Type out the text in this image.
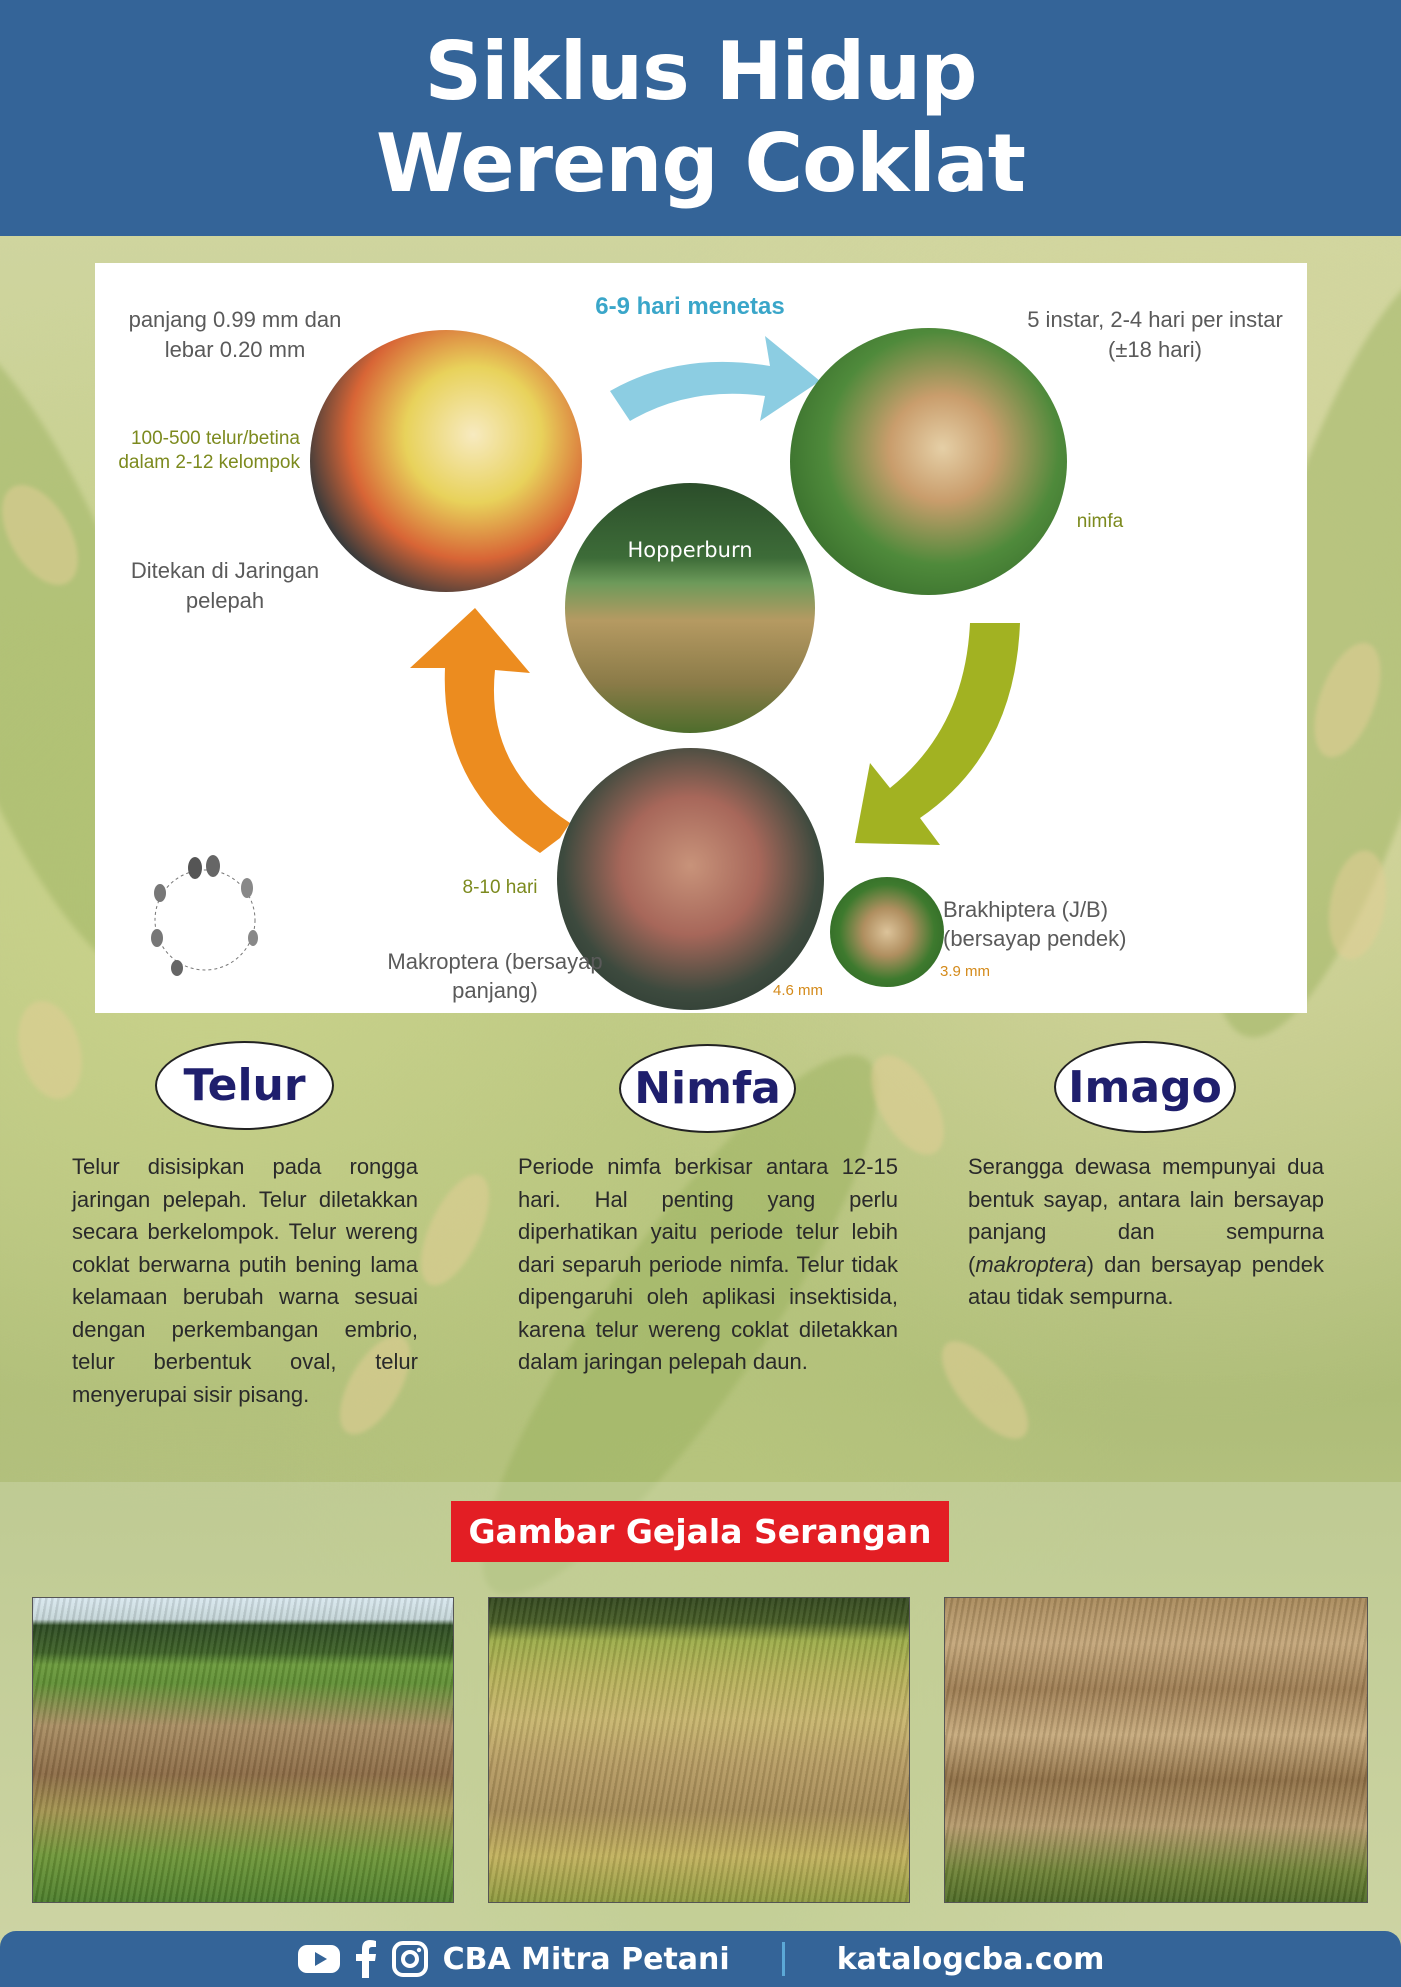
Siklus Hidup
Wereng Coklat
Hopperburn
panjang 0.99 mm dan lebar 0.20 mm
100-500 telur/betina dalam 2-12 kelompok
Ditekan di Jaringan pelepah
6-9 hari menetas	5 instar, 2-4 hari per instar (±18 hari)
nimfa
8-10 hari
Makroptera (bersayap panjang)	4.6 mm
Brakhiptera (J/B) (bersayap pendek)
3.9 mm
Telur	Nimfa	Imago

Telur disisipkan pada rongga jaringan pelepah. Telur diletakkan secara berkelompok. Telur wereng coklat berwarna putih bening lama kelamaan berubah warna sesuai dengan perkembangan embrio, telur berbentuk oval, telur menyerupai sisir pisang.

Periode nimfa berkisar antara 12-15 hari. Hal penting yang perlu diperhatikan yaitu periode telur lebih dari separuh periode nimfa. Telur tidak dipengaruhi oleh aplikasi insektisida, karena telur wereng coklat diletakkan dalam jaringan pelepah daun.

Serangga dewasa mempunyai dua bentuk sayap, antara lain bersayap panjang dan sempurna (makroptera) dan bersayap pendek atau tidak sempurna.

Gambar Gejala Serangan
CBA Mitra Petani	katalogcba.com
